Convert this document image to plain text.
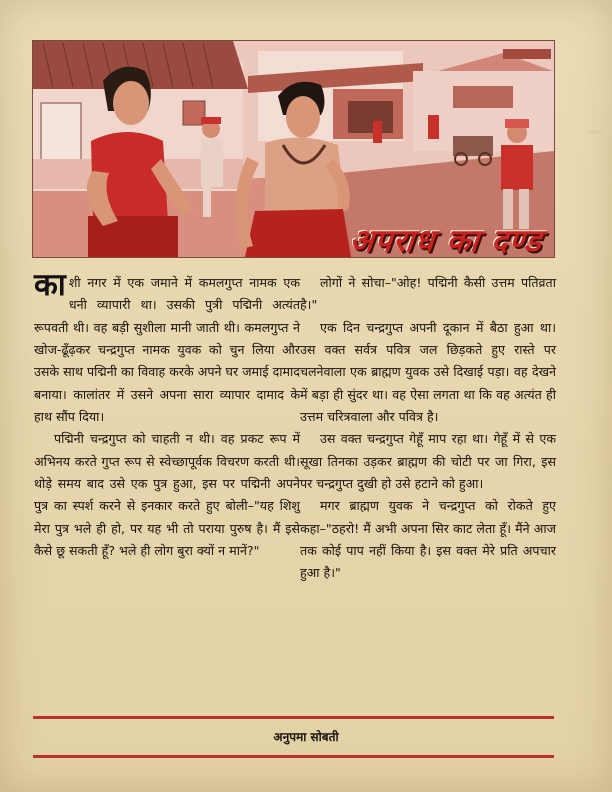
अपराध का दण्ड

काशी नगर में एक जमाने में कमलगुप्त नामक एक धनी व्यापारी था। उसकी पुत्री पद्मिनी अत्यंत रूपवती थी। वह बड़ी सुशीला मानी जाती थी। कमलगुप्त ने खोज-ढूँढ़कर चन्द्रगुप्त नामक युवक को चुन लिया और उसके साथ पद्मिनी का विवाह करके अपने घर जमाई दामाद बनाया। कालांतर में उसने अपना सारा व्यापार दामाद के हाथ सौंप दिया।

पद्मिनी चन्द्रगुप्त को चाहती न थी। वह प्रकट रूप में अभिनय करते गुप्त रूप से स्वेच्छापूर्वक विचरण करती थी। थोड़े समय बाद उसे एक पुत्र हुआ, इस पर पद्मिनी अपने पुत्र का स्पर्श करने से इनकार करते हुए बोली–"यह शिशु मेरा पुत्र भले ही हो, पर यह भी तो पराया पुरुष है। मैं इसे कैसे छू सकती हूँ? भले ही लोग बुरा क्यों न मानें?"

लोगों ने सोचा–"ओह! पद्मिनी कैसी उत्तम पतिव्रता है।"

एक दिन चन्द्रगुप्त अपनी दूकान में बैठा हुआ था। उस वक्त सर्वत्र पवित्र जल छिड़कते हुए रास्ते पर चलनेवाला एक ब्राह्मण युवक उसे दिखाई पड़ा। वह देखने में बड़ा ही सुंदर था। वह ऐसा लगता था कि वह अत्यंत ही उत्तम चरित्रवाला और पवित्र है।

उस वक्त चन्द्रगुप्त गेहूँ माप रहा था। गेहूँ में से एक सूखा तिनका उड़कर ब्राह्मण की चोटी पर जा गिरा, इस पर चन्द्रगुप्त दुखी हो उसे हटाने को हुआ।

मगर ब्राह्मण युवक ने चन्द्रगुप्त को रोकते हुए कहा–"ठहरो! मैं अभी अपना सिर काट लेता हूँ। मैंने आज तक कोई पाप नहीं किया है। इस वक्त मेरे प्रति अपचार हुआ है।"

अनुपमा सोबती
